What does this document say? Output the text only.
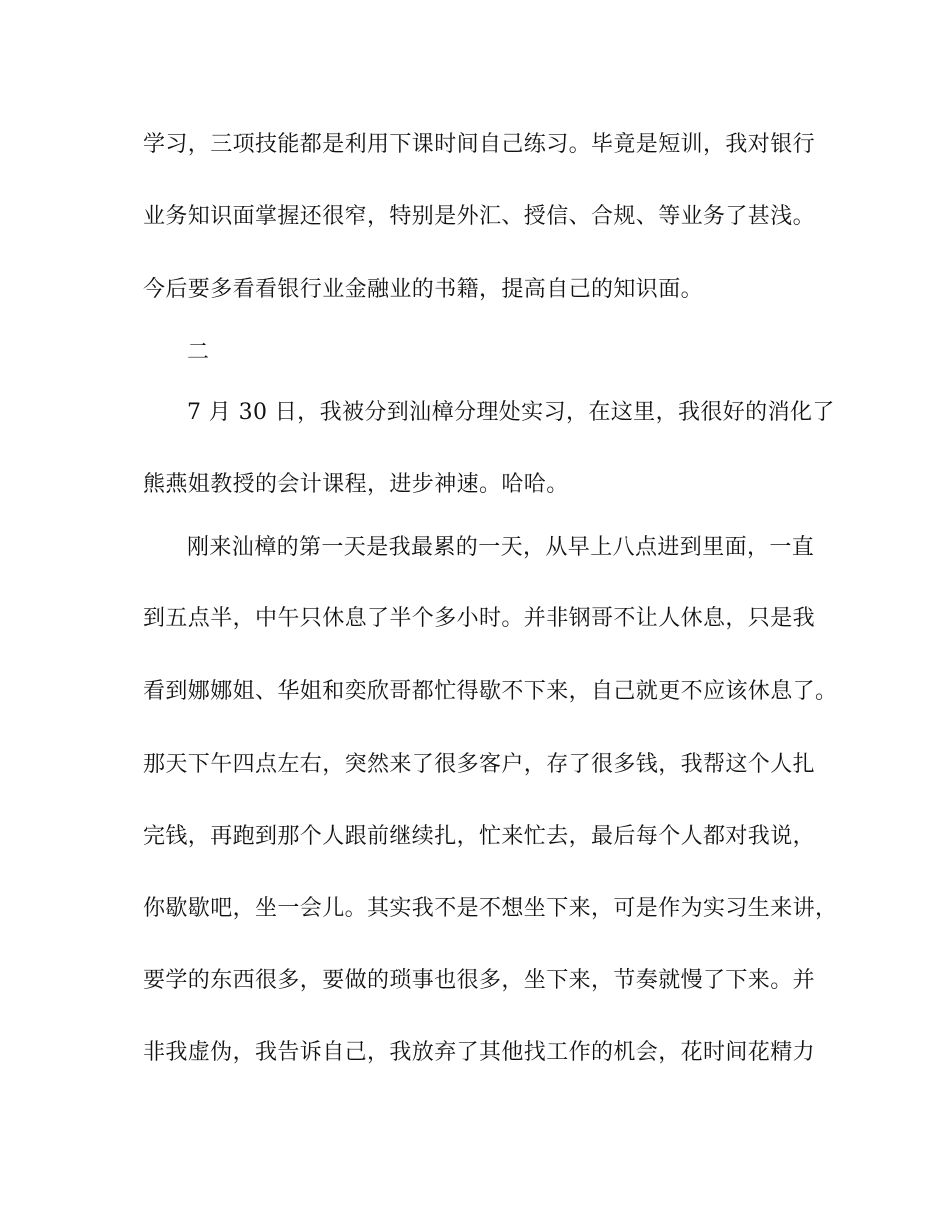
学习，三项技能都是利用下课时间自己练习。毕竟是短训，我对银行
业务知识面掌握还很窄，特别是外汇、授信、合规、等业务了甚浅。
今后要多看看银行业金融业的书籍，提高自己的知识面。
二
7 月 30 日，我被分到汕樟分理处实习，在这里，我很好的消化了
熊燕姐教授的会计课程，进步神速。哈哈。
刚来汕樟的第一天是我最累的一天，从早上八点进到里面，一直
到五点半，中午只休息了半个多小时。并非钢哥不让人休息，只是我
看到娜娜姐、华姐和奕欣哥都忙得歇不下来，自己就更不应该休息了。
那天下午四点左右，突然来了很多客户，存了很多钱，我帮这个人扎
完钱，再跑到那个人跟前继续扎，忙来忙去，最后每个人都对我说，
你歇歇吧，坐一会儿。其实我不是不想坐下来，可是作为实习生来讲，
要学的东西很多，要做的琐事也很多，坐下来，节奏就慢了下来。并
非我虚伪，我告诉自己，我放弃了其他找工作的机会，花时间花精力
